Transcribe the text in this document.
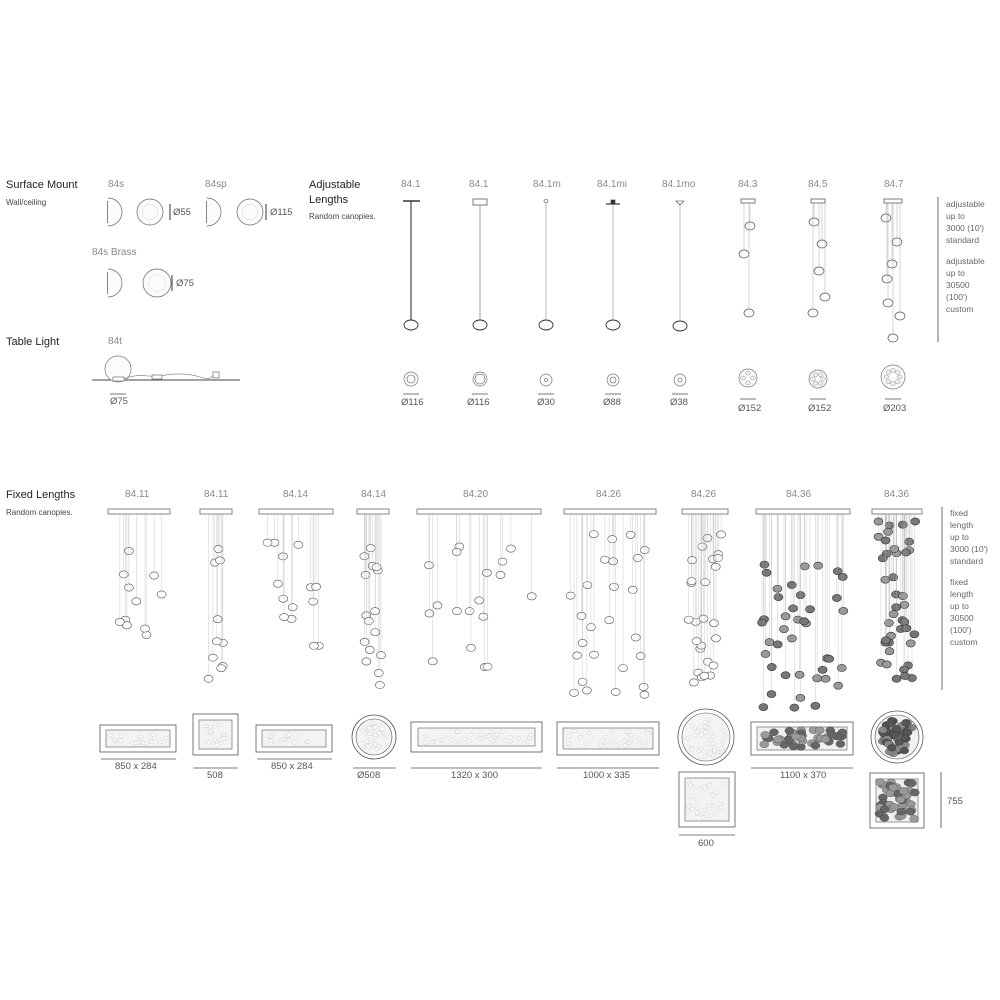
Surface Mount
Wall/ceiling
84s	84sp
84s Brass
Ø55	Ø115
Ø75
Table Light	84t
Ø75
Adjustable
Lengths
Random canopies.
84.1	84.1	84.1m	84.1mi	84.1mo	84.3	84.5	84.7
Ø116	Ø116	Ø30	Ø88	Ø38
Ø152	Ø152	Ø203
adjustable
up to
3000 (10')
standard
adjustable
up to
30500
(100')
custom
Fixed Lengths
Random canopies.
84.11	84.11	84.14	84.14	84.20	84.26	84.26	84.36	84.36
850 x 284
508
850 x 284
Ø508	1320 x 300	1000 x 335	1100 x 370
600
755
fixed
length
up to
3000 (10')
standard
fixed
length
up to
30500
(100')
custom
